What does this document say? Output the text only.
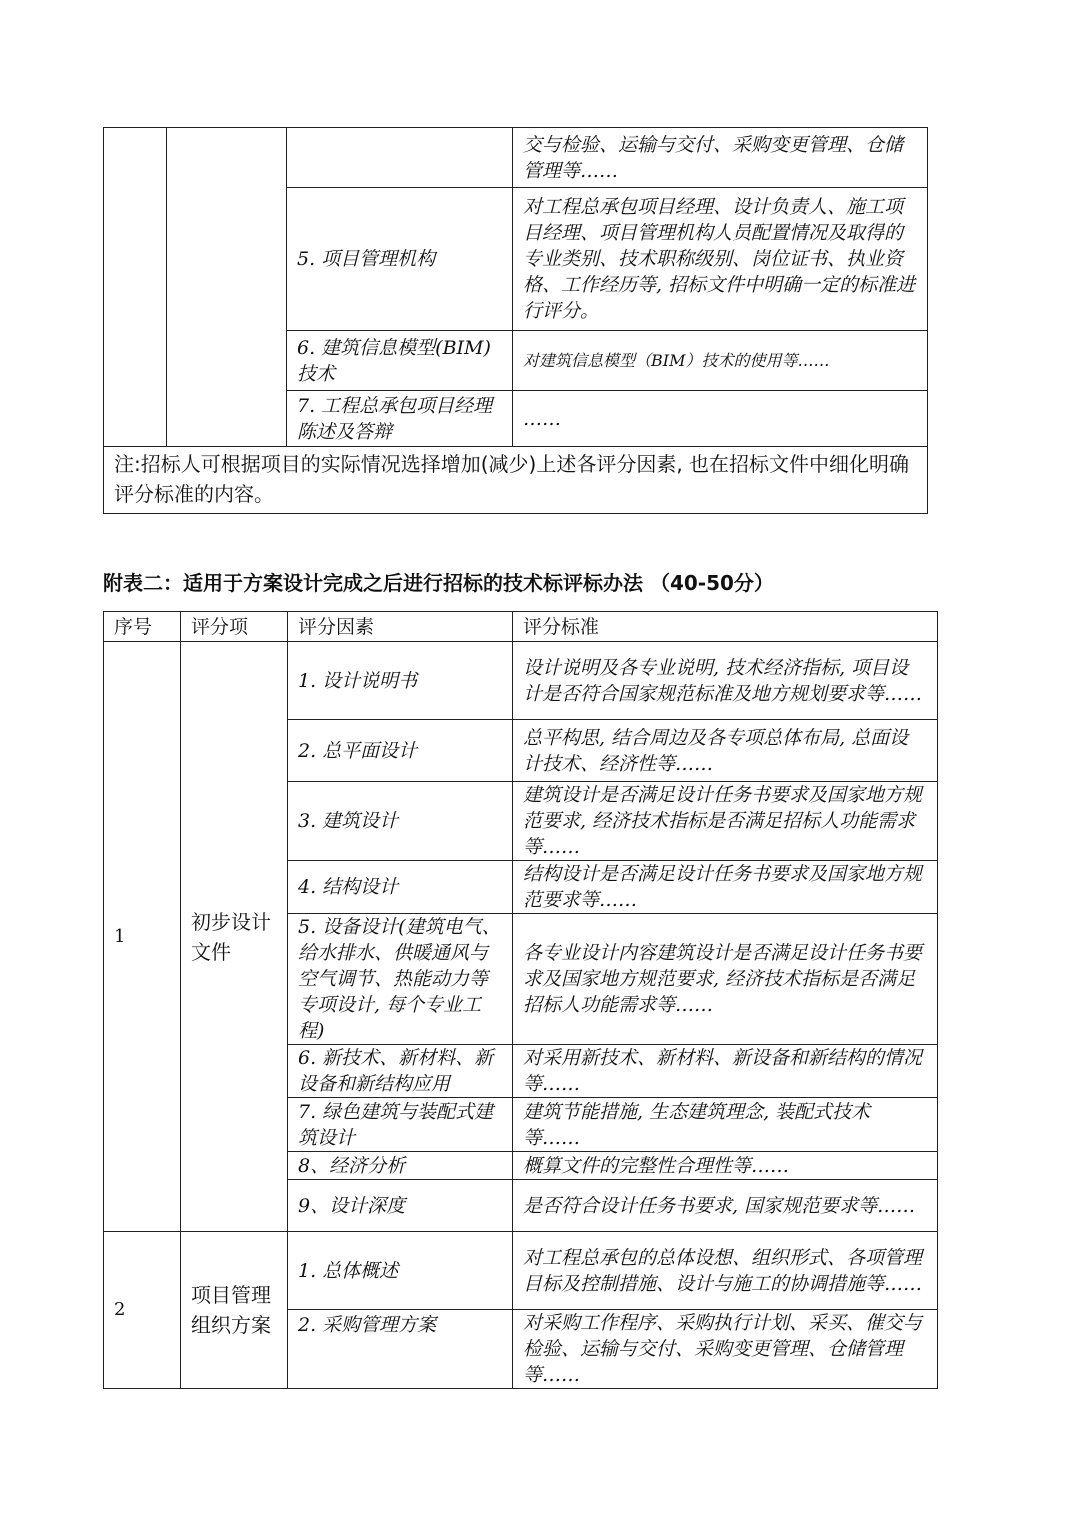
			交与检验、运输与交付、采购变更管理、仓储管理等……
		5. 项目管理机构	对工程总承包项目经理、设计负责人、施工项目经理、项目管理机构人员配置情况及取得的专业类别、技术职称级别、岗位证书、执业资格、工作经历等, 招标文件中明确一定的标准进行评分。
		6. 建筑信息模型(BIM)技术	对建筑信息模型（BIM）技术的使用等……
		7. 工程总承包项目经理陈述及答辩	……
注:招标人可根据项目的实际情况选择增加(减少)上述各评分因素, 也在招标文件中细化明确评分标准的内容。			
附表二：适用于方案设计完成之后进行招标的技术标评标办法 （40-50分）
序号	评分项	评分因素	评分标准
1	初步设计文件	1. 设计说明书	设计说明及各专业说明, 技术经济指标, 项目设计是否符合国家规范标准及地方规划要求等……
		2. 总平面设计	总平构思, 结合周边及各专项总体布局, 总面设计技术、经济性等……
		3. 建筑设计	建筑设计是否满足设计任务书要求及国家地方规范要求, 经济技术指标是否满足招标人功能需求等……
		4. 结构设计	结构设计是否满足设计任务书要求及国家地方规范要求等……
		5. 设备设计(建筑电气、给水排水、供暖通风与空气调节、热能动力等专项设计, 每个专业工程)	各专业设计内容建筑设计是否满足设计任务书要求及国家地方规范要求, 经济技术指标是否满足招标人功能需求等……
		6. 新技术、新材料、新设备和新结构应用	对采用新技术、新材料、新设备和新结构的情况等……
		7. 绿色建筑与装配式建筑设计	建筑节能措施, 生态建筑理念, 装配式技术等……
		8、经济分析	概算文件的完整性合理性等……
		9、设计深度	是否符合设计任务书要求, 国家规范要求等……
2	项目管理组织方案	1. 总体概述	对工程总承包的总体设想、组织形式、各项管理目标及控制措施、设计与施工的协调措施等……
		2. 采购管理方案	对采购工作程序、采购执行计划、采买、催交与检验、运输与交付、采购变更管理、仓储管理等……
